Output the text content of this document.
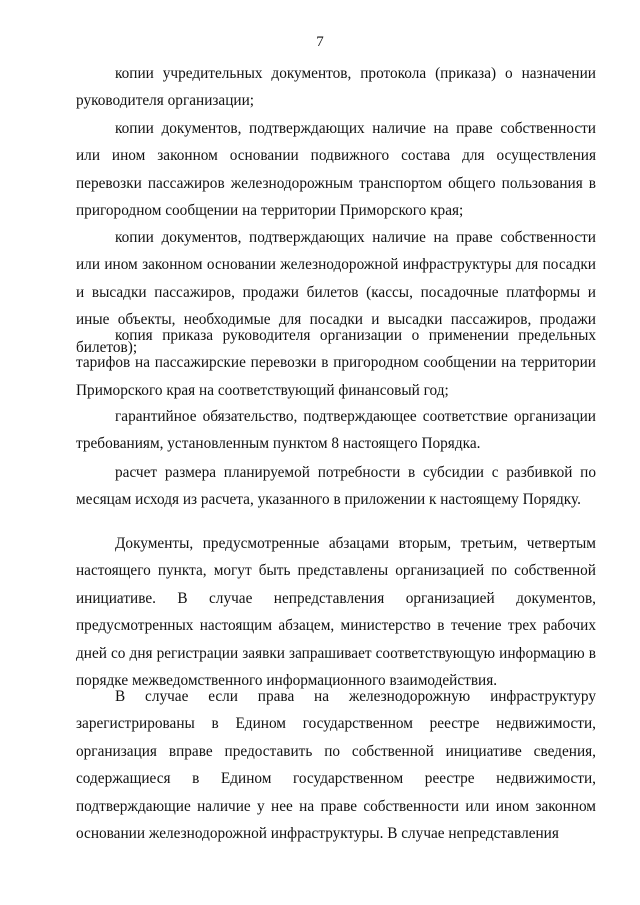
7

копии учредительных документов, протокола (приказа) о назначении руководителя организации;

копии документов, подтверждающих наличие на праве собственности или ином законном основании подвижного состава для осуществления перевозки пассажиров железнодорожным транспортом общего пользования в пригородном сообщении на территории Приморского края;

копии документов, подтверждающих наличие на праве собственности или ином законном основании железнодорожной инфраструктуры для посадки и высадки пассажиров, продажи билетов (кассы, посадочные платформы и иные объекты, необходимые для посадки и высадки пассажиров, продажи билетов);

копия приказа руководителя организации о применении предельных тарифов на пассажирские перевозки в пригородном сообщении на территории Приморского края на соответствующий финансовый год;

гарантийное обязательство, подтверждающее соответствие организации требованиям, установленным пунктом 8 настоящего Порядка.

расчет размера планируемой потребности в субсидии с разбивкой по месяцам исходя из расчета, указанного в приложении к настоящему Порядку.

Документы, предусмотренные абзацами вторым, третьим, четвертым настоящего пункта, могут быть представлены организацией по собственной инициативе. В случае непредставления организацией документов, предусмотренных настоящим абзацем, министерство в течение трех рабочих дней со дня регистрации заявки запрашивает соответствующую информацию в порядке межведомственного информационного взаимодействия.

В случае если права на железнодорожную инфраструктуру зарегистрированы в Едином государственном реестре недвижимости, организация вправе предоставить по собственной инициативе сведения, содержащиеся в Едином государственном реестре недвижимости, подтверждающие наличие у нее на праве собственности или ином законном основании железнодорожной инфраструктуры. В случае непредставления
